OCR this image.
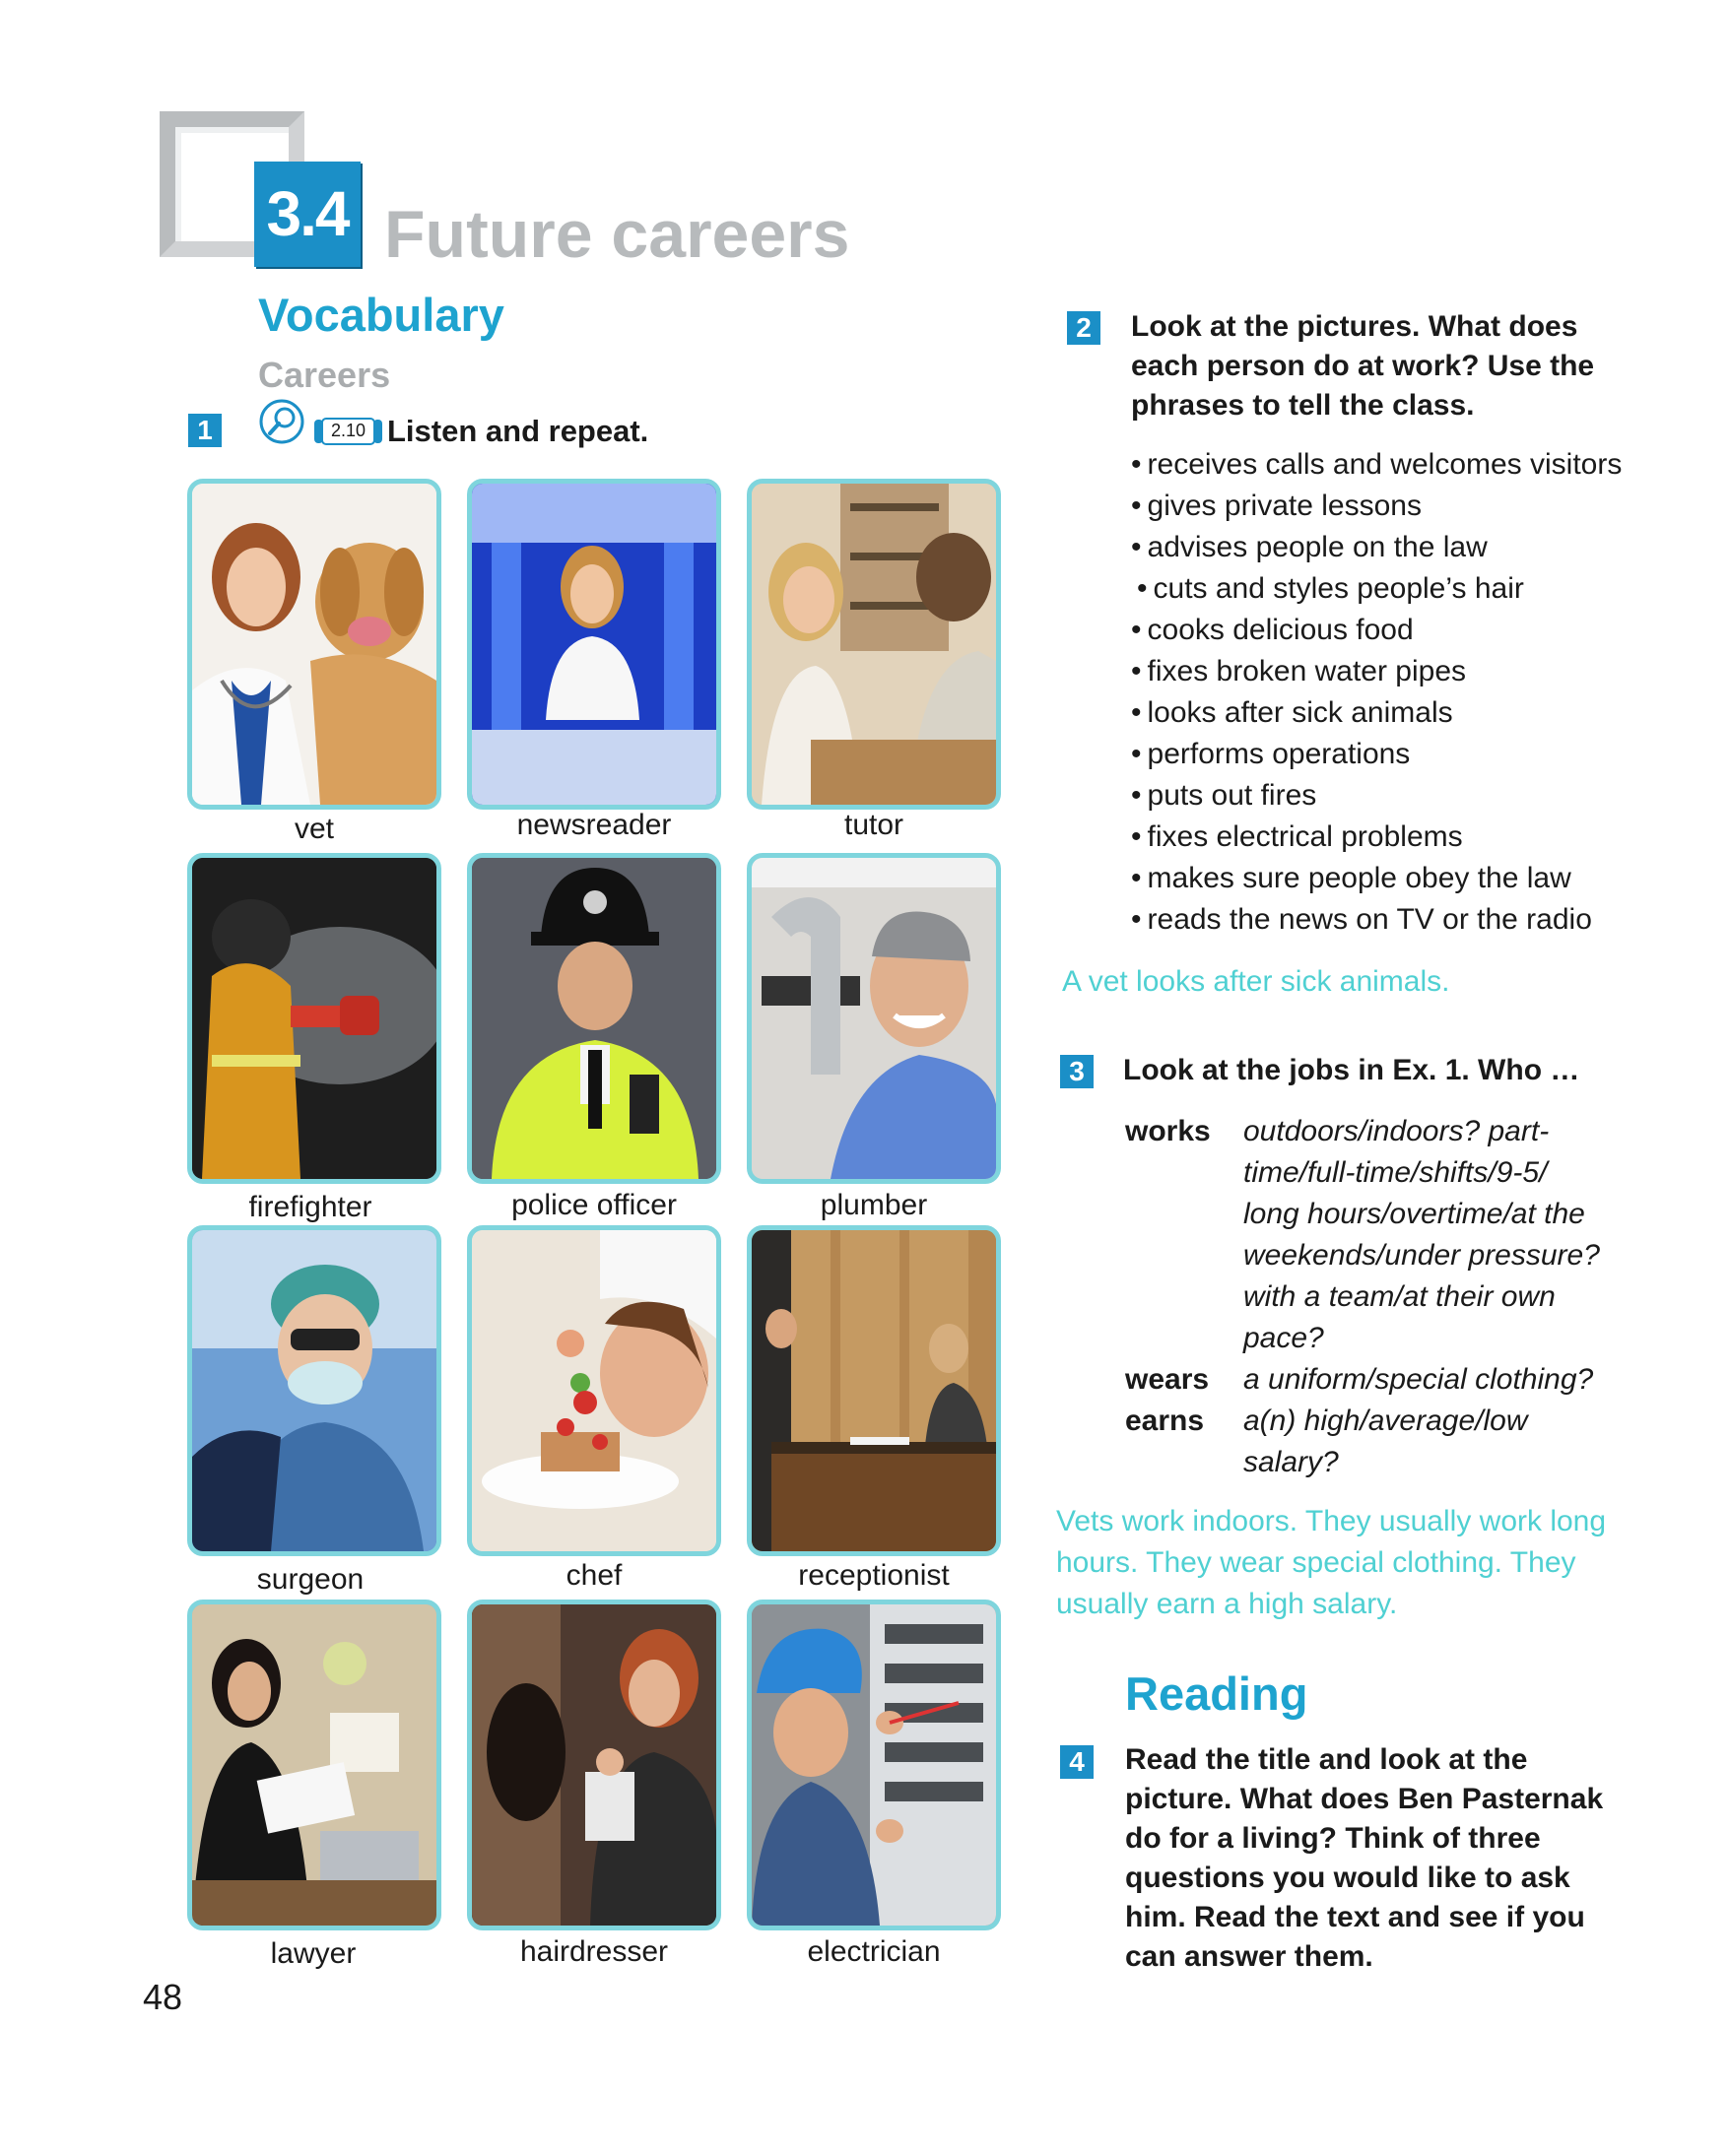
3.4 Future careers
Vocabulary
Careers
1	2.10 Listen and repeat.
vet	newsreader	tutor
firefighter	police officer	plumber
surgeon	chef	receptionist
lawyer	hairdresser	electrician
48
2	Look at the pictures. What does
each person do at work? Use the
phrases to tell the class.
• receives calls and welcomes visitors
• gives private lessons
• advises people on the law
• cuts and styles people’s hair
• cooks delicious food
• fixes broken water pipes
• looks after sick animals
• performs operations
• puts out fires
• fixes electrical problems
• makes sure people obey the law
• reads the news on TV or the radio
A vet looks after sick animals.
3	Look at the jobs in Ex. 1. Who …
works outdoors/indoors? part-
time/full-time/shifts/9-5/
long hours/overtime/at the
weekends/under pressure?
with a team/at their own
pace?
wears a uniform/special clothing?
earns a(n) high/average/low
salary?
Vets work indoors. They usually work long
hours. They wear special clothing. They
usually earn a high salary.
Reading
4	Read the title and look at the
picture. What does Ben Pasternak
do for a living? Think of three
questions you would like to ask
him. Read the text and see if you
can answer them.
